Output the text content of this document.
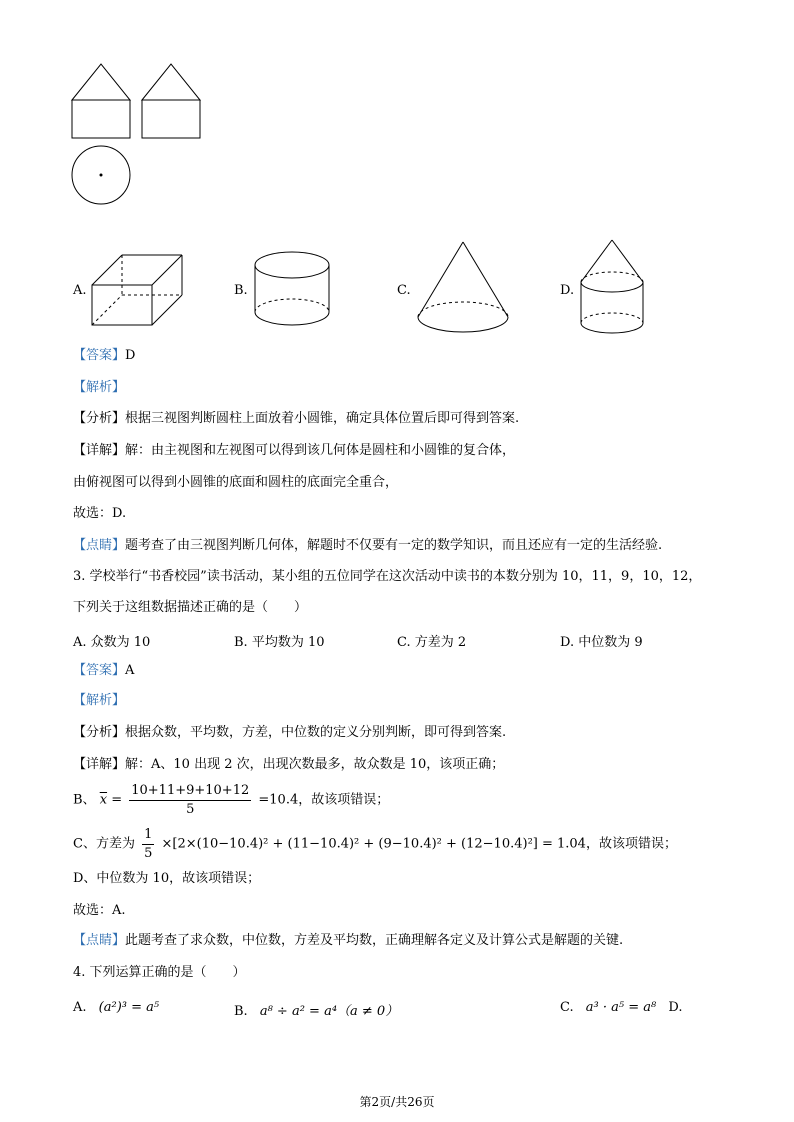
A.	B.	C.	D.
【答案】D
【解析】
【分析】根据三视图判断圆柱上面放着小圆锥，确定具体位置后即可得到答案.
【详解】解：由主视图和左视图可以得到该几何体是圆柱和小圆锥的复合体，
由俯视图可以得到小圆锥的底面和圆柱的底面完全重合，
故选：D.
【点睛】题考查了由三视图判断几何体，解题时不仅要有一定的数学知识，而且还应有一定的生活经验.
3. 学校举行“书香校园”读书活动，某小组的五位同学在这次活动中读书的本数分别为 10，11，9，10，12，
下列关于这组数据描述正确的是（　　）
A. 众数为 10	B. 平均数为 10	C. 方差为 2	D. 中位数为 9
【答案】A
【解析】
【分析】根据众数，平均数，方差，中位数的定义分别判断，即可得到答案.
【详解】解：A、10 出现 2 次，出现次数最多，故众数是 10，该项正确；
B、 $\overline{x} = \frac{10+11+9+10+12}{5} =10.4$，故该项错误；
C、方差为 $\frac{1}{5} \times[2\times(10-10.4)^2 + (11-10.4)^2 + (9-10.4)^2 + (12-10.4)^2] = 1.04$，故该项错误；
D、中位数为 10，故该项错误；
故选：A.
【点睛】此题考查了求众数，中位数，方差及平均数，正确理解各定义及计算公式是解题的关键.
4. 下列运算正确的是（　　）
A. (a²)³ = a⁵	B. a⁸ ÷ a² = a⁴（a ≠ 0）	C. a³ · a⁵ = a⁸ D.
第2页/共26页
